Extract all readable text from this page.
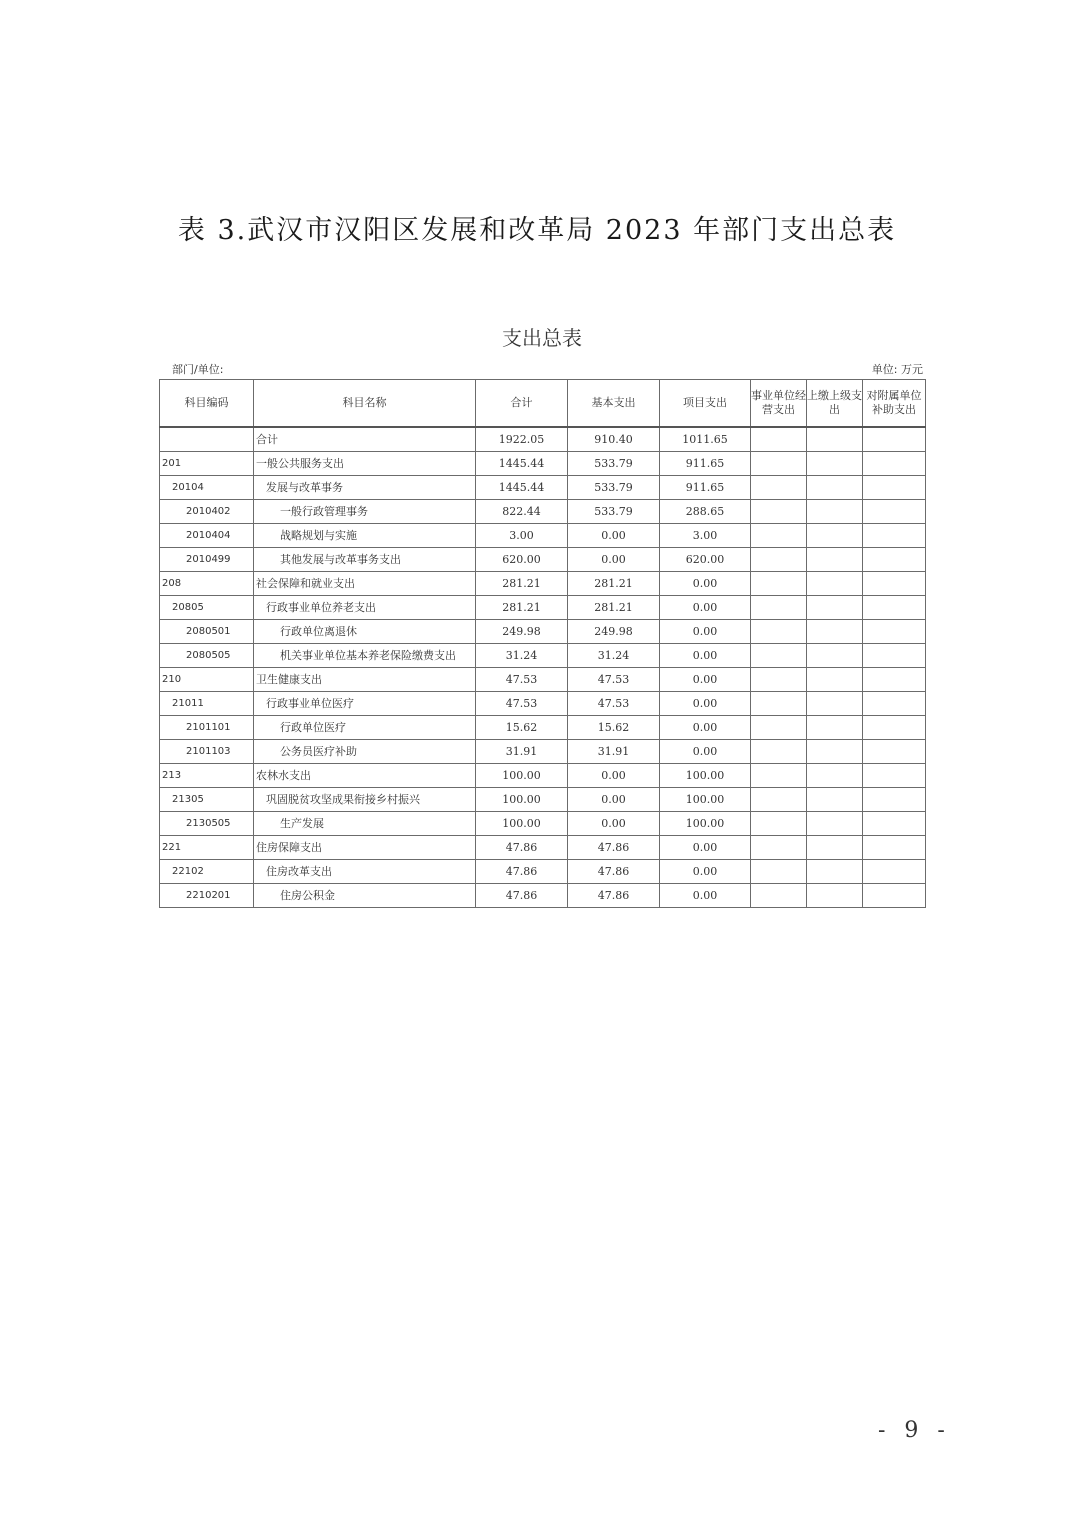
表 3.武汉市汉阳区发展和改革局 2023 年部门支出总表
支出总表
部门/单位:	单位: 万元
科目编码	科目名称	合计	基本支出	项目支出	事业单位经营支出	上缴上级支出	对附属单位补助支出
	合计	1922.05	910.40	1011.65			
201	一般公共服务支出	1445.44	533.79	911.65			
20104	发展与改革事务	1445.44	533.79	911.65			
2010402	一般行政管理事务	822.44	533.79	288.65			
2010404	战略规划与实施	3.00	0.00	3.00			
2010499	其他发展与改革事务支出	620.00	0.00	620.00			
208	社会保障和就业支出	281.21	281.21	0.00			
20805	行政事业单位养老支出	281.21	281.21	0.00			
2080501	行政单位离退休	249.98	249.98	0.00			
2080505	机关事业单位基本养老保险缴费支出	31.24	31.24	0.00			
210	卫生健康支出	47.53	47.53	0.00			
21011	行政事业单位医疗	47.53	47.53	0.00			
2101101	行政单位医疗	15.62	15.62	0.00			
2101103	公务员医疗补助	31.91	31.91	0.00			
213	农林水支出	100.00	0.00	100.00			
21305	巩固脱贫攻坚成果衔接乡村振兴	100.00	0.00	100.00			
2130505	生产发展	100.00	0.00	100.00			
221	住房保障支出	47.86	47.86	0.00			
22102	住房改革支出	47.86	47.86	0.00			
2210201	住房公积金	47.86	47.86	0.00			
- 9 -
